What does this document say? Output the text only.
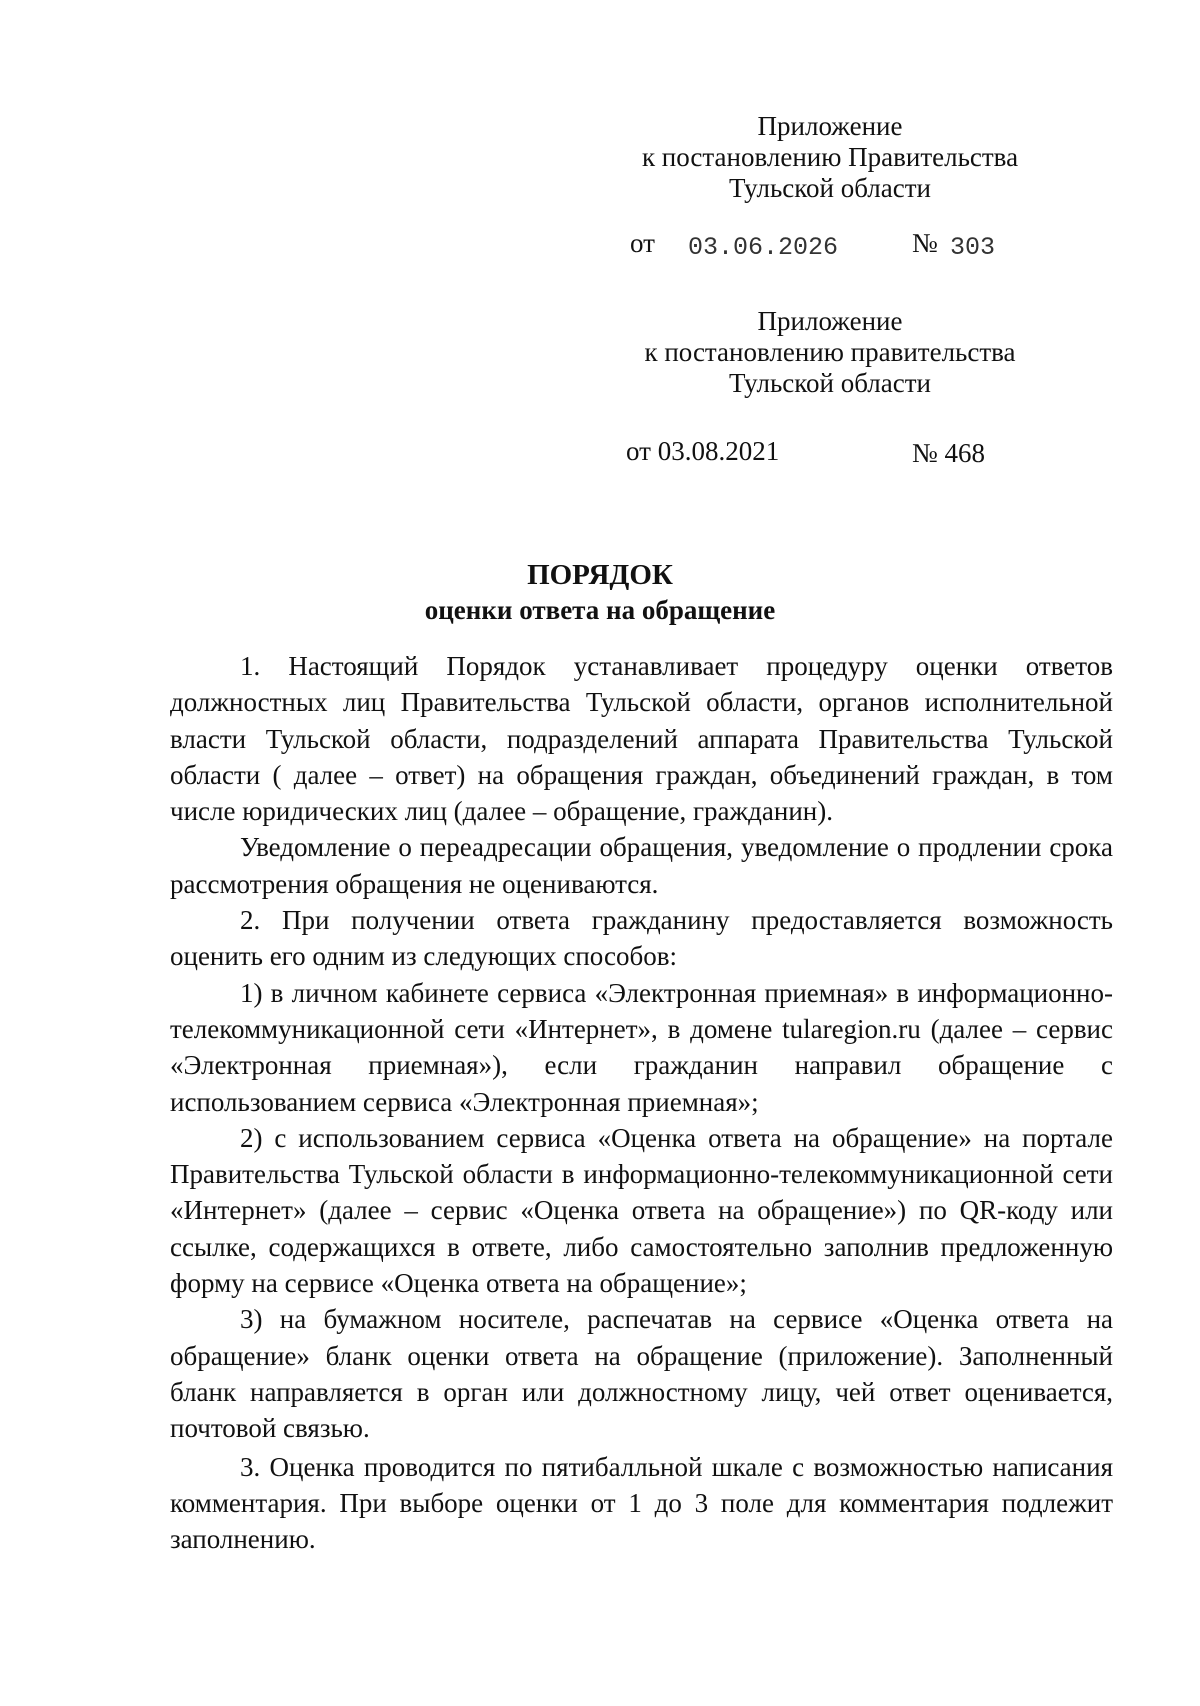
Приложение
к постановлению Правительства
Тульской области
от 03.06.2026	№ 303
Приложение
к постановлению правительства
Тульской области
от 03.08.2021	№ 468
ПОРЯДОК
оценки ответа на обращение

1. Настоящий Порядок устанавливает процедуру оценки ответов должностных лиц Правительства Тульской области, органов исполнительной власти Тульской области, подразделений аппарата Правительства Тульской области ( далее – ответ) на обращения граждан, объединений граждан, в том числе юридических лиц (далее – обращение, гражданин).

Уведомление о переадресации обращения, уведомление о продлении срока рассмотрения обращения не оцениваются.

2. При получении ответа гражданину предоставляется возможность оценить его одним из следующих способов:

1) в личном кабинете сервиса «Электронная приемная» в информационно-телекоммуникационной сети «Интернет», в домене tularegion.ru (далее – сервис «Электронная приемная»), если гражданин направил обращение с использованием сервиса «Электронная приемная»;

2) с использованием сервиса «Оценка ответа на обращение» на портале Правительства Тульской области в информационно-телекоммуникационной сети «Интернет» (далее – сервис «Оценка ответа на обращение») по QR-коду или ссылке, содержащихся в ответе, либо самостоятельно заполнив предложенную форму на сервисе «Оценка ответа на обращение»;

3) на бумажном носителе, распечатав на сервисе «Оценка ответа на обращение» бланк оценки ответа на обращение (приложение). Заполненный бланк направляется в орган или должностному лицу, чей ответ оценивается, почтовой связью.

3. Оценка проводится по пятибалльной шкале с возможностью написания комментария. При выборе оценки от 1 до 3 поле для комментария подлежит заполнению.
